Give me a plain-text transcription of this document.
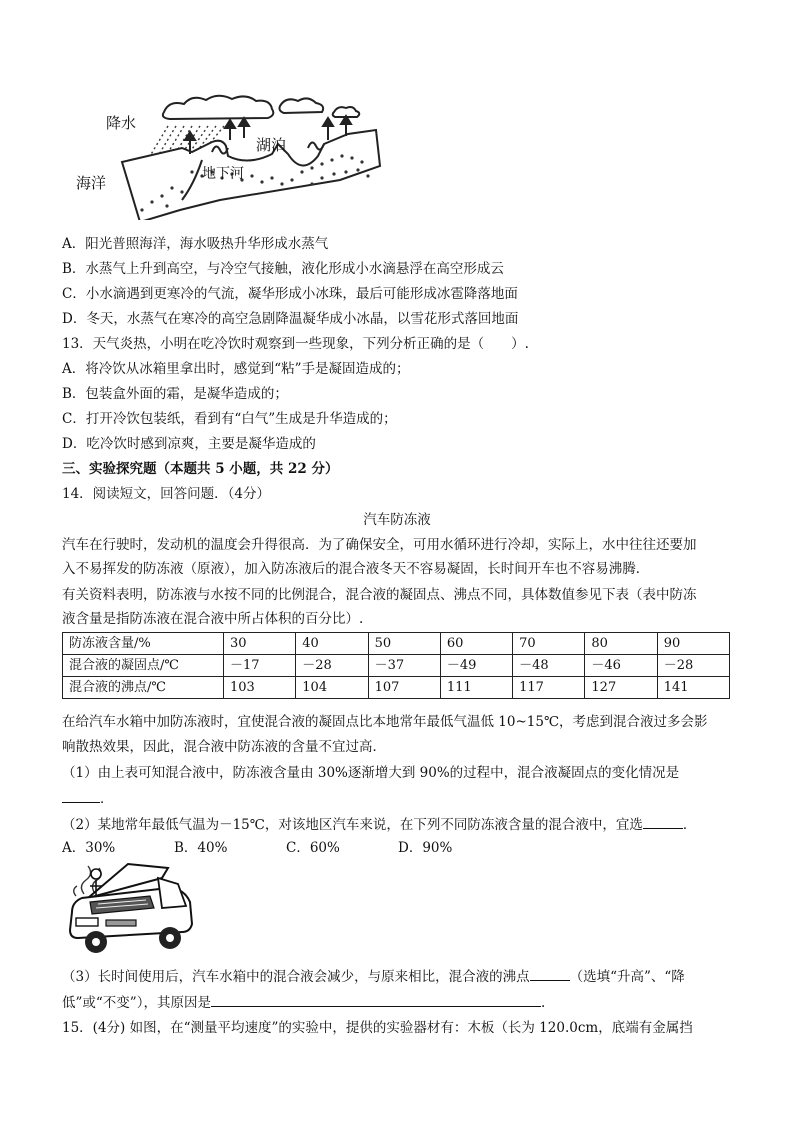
降水
海洋
湖泊
地下河
A．阳光普照海洋，海水吸热升华形成水蒸气
B．水蒸气上升到高空，与冷空气接触，液化形成小水滴悬浮在高空形成云
C．小水滴遇到更寒冷的气流，凝华形成小冰珠，最后可能形成冰雹降落地面
D．冬天，水蒸气在寒冷的高空急剧降温凝华成小冰晶，以雪花形式落回地面
13．天气炎热，小明在吃冷饮时观察到一些现象，下列分析正确的是（　　）.
A．将冷饮从冰箱里拿出时，感觉到“粘”手是凝固造成的；
B．包装盒外面的霜，是凝华造成的；
C．打开冷饮包装纸，看到有“白气”生成是升华造成的；
D．吃冷饮时感到凉爽，主要是凝华造成的
三、实验探究题（本题共 5 小题，共 22 分）
14．阅读短文，回答问题．（4分）
汽车防冻液
汽车在行驶时，发动机的温度会升得很高．为了确保安全，可用水循环进行冷却，实际上，水中往往还要加
入不易挥发的防冻液（原液），加入防冻液后的混合液冬天不容易凝固，长时间开车也不容易沸腾．
有关资料表明，防冻液与水按不同的比例混合，混合液的凝固点、沸点不同，具体数值参见下表（表中防冻
液含量是指防冻液在混合液中所占体积的百分比）.
防冻液含量/%	30	40	50	60	70	80	90
混合液的凝固点/℃	－17	－28	－37	－49	－48	－46	－28
混合液的沸点/℃	103	104	107	111	117	127	141
在给汽车水箱中加防冻液时，宜使混合液的凝固点比本地常年最低气温低 10~15℃，考虑到混合液过多会影
响散热效果，因此，混合液中防冻液的含量不宜过高．
（1）由上表可知混合液中，防冻液含量由 30%逐渐增大到 90%的过程中，混合液凝固点的变化情况是
．
（2）某地常年最低气温为－15℃，对该地区汽车来说，在下列不同防冻液含量的混合液中，宜选	．
A．30%	B．40%	C．60%	D．90%
（3）长时间使用后，汽车水箱中的混合液会减少，与原来相比，混合液的沸点	（选填“升高”、“降
低”或“不变”），其原因是	.
15．(4分) 如图，在“测量平均速度”的实验中，提供的实验器材有：木板（长为 120.0cm，底端有金属挡
